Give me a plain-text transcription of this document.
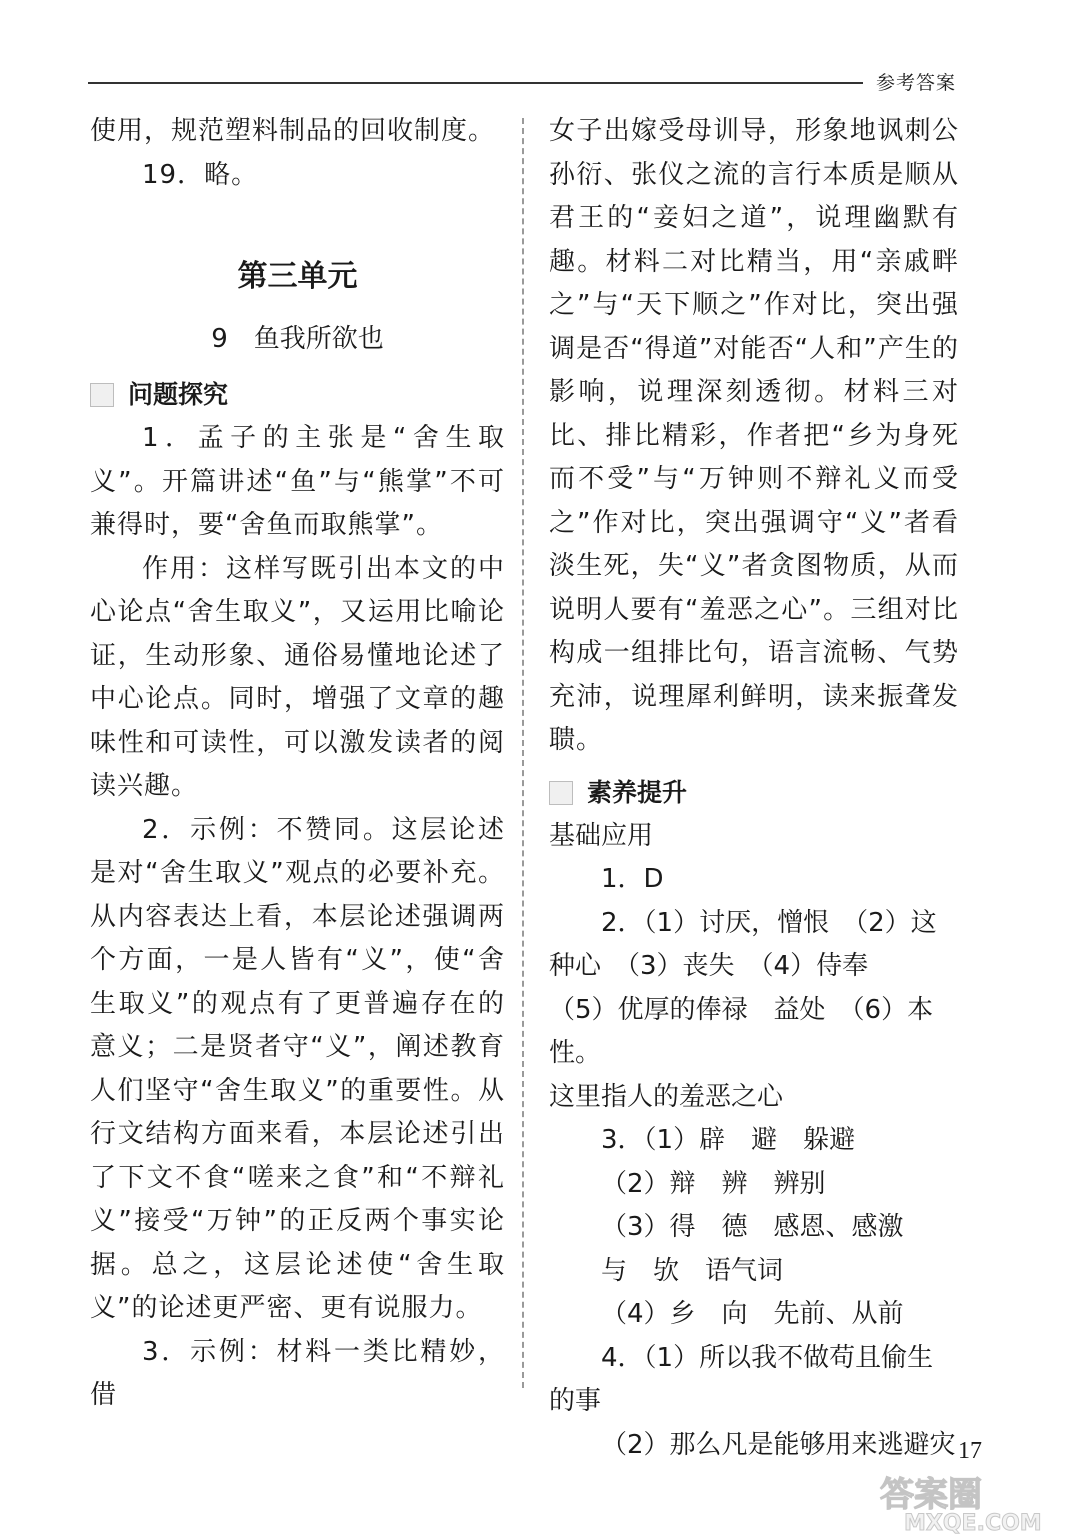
参考答案

使用，规范塑料制品的回收制度。

19．略。

第三单元

9　鱼我所欲也

问题探究

1．孟子的主张是“舍生取义”。开篇讲述“鱼”与“熊掌”不可兼得时，要“舍鱼而取熊掌”。

作用：这样写既引出本文的中心论点“舍生取义”，又运用比喻论证，生动形象、通俗易懂地论述了中心论点。同时，增强了文章的趣味性和可读性，可以激发读者的阅读兴趣。

2．示例：不赞同。这层论述是对“舍生取义”观点的必要补充。从内容表达上看，本层论述强调两个方面，一是人皆有“义”，使“舍生取义”的观点有了更普遍存在的意义；二是贤者守“义”，阐述教育人们坚守“舍生取义”的重要性。从行文结构方面来看，本层论述引出了下文不食“嗟来之食”和“不辩礼义”接受“万钟”的正反两个事实论据。总之，这层论述使“舍生取义”的论述更严密、更有说服力。

3．示例：材料一类比精妙，借

女子出嫁受母训导，形象地讽刺公孙衍、张仪之流的言行本质是顺从君王的“妾妇之道”，说理幽默有趣。材料二对比精当，用“亲戚畔之”与“天下顺之”作对比，突出强调是否“得道”对能否“人和”产生的影响，说理深刻透彻。材料三对比、排比精彩，作者把“乡为身死而不受”与“万钟则不辩礼义而受之”作对比，突出强调守“义”者看淡生死，失“义”者贪图物质，从而说明人要有“羞恶之心”。三组对比构成一组排比句，语言流畅、气势充沛，说理犀利鲜明，读来振聋发聩。

素养提升

基础应用

1．D

2．（1）讨厌，憎恨　（2）这

种心　（3）丧失　（4）侍奉

（5）优厚的俸禄　益处　（6）本性。

这里指人的羞恶之心

3．（1）辟　避　躲避

（2）辩　辨　辨别

（3）得　德　感恩、感激

与　欤　语气词

（4）乡　向　先前、从前

4．（1）所以我不做苟且偷生

的事

（2）那么凡是能够用来逃避灾 17
答案圈
MXQE.COM
